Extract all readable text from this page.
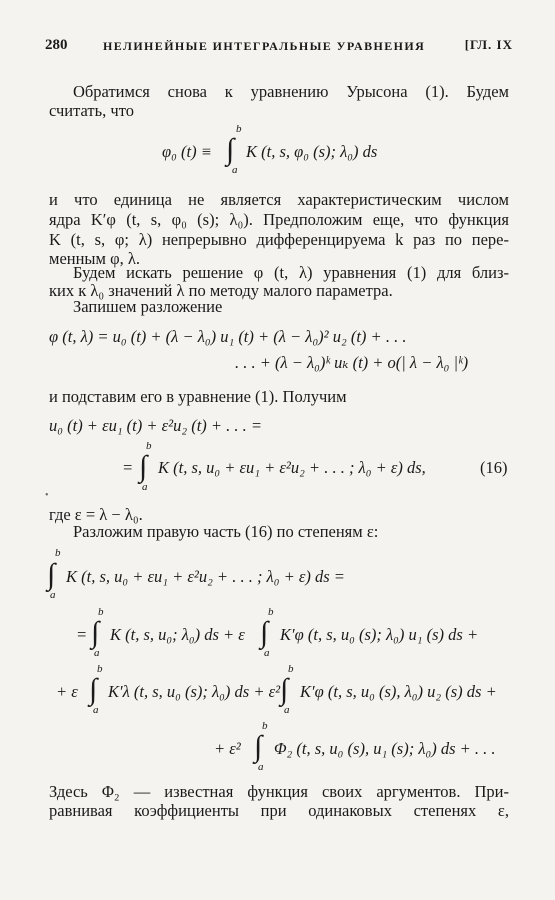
280	НЕЛИНЕЙНЫЕ ИНТЕГРАЛЬНЫЕ УРАВНЕНИЯ	[ГЛ. IX
Обратимся снова к уравнению Урысона (1). Будем
считать, что
φ₀ (t) ≡
b
∫
a
K (t, s, φ₀ (s); λ₀) ds
и что единица не является характеристическим числом
ядра K′φ (t, s, φ₀ (s); λ₀). Предположим еще, что функция
K (t, s, φ; λ) непрерывно дифференцируема k раз по пере-
менным φ, λ.
Будем искать решение φ (t, λ) уравнения (1) для близ-
ких к λ₀ значений λ по методу малого параметра.
Запишем разложение
φ (t, λ) = u₀ (t) + (λ − λ₀) u₁ (t) + (λ − λ₀)² u₂ (t) + . . .
. . . + (λ − λ₀)ᵏ uₖ (t) + o(| λ − λ₀ |ᵏ)
и подставим его в уравнение (1). Получим
u₀ (t) + εu₁ (t) + ε²u₂ (t) + . . . =
=
b
∫
a
K (t, s, u₀ + εu₁ + ε²u₂ + . . . ; λ₀ + ε) ds,	(16)
•
где ε = λ − λ₀.
Разложим правую часть (16) по степеням ε:
b
∫
a
K (t, s, u₀ + εu₁ + ε²u₂ + . . . ; λ₀ + ε) ds =
=
b
∫
a
K (t, s, u₀; λ₀) ds + ε
b
∫
a
K′φ (t, s, u₀ (s); λ₀) u₁ (s) ds +
+ ε
b
∫
a
K′λ (t, s, u₀ (s); λ₀) ds + ε²
b
∫
a
K′φ (t, s, u₀ (s), λ₀) u₂ (s) ds +
+ ε²
b
∫
a
Φ₂ (t, s, u₀ (s), u₁ (s); λ₀) ds + . . .
Здесь Φ₂ — известная функция своих аргументов. При-
равнивая коэффициенты при одинаковых степенях ε,
